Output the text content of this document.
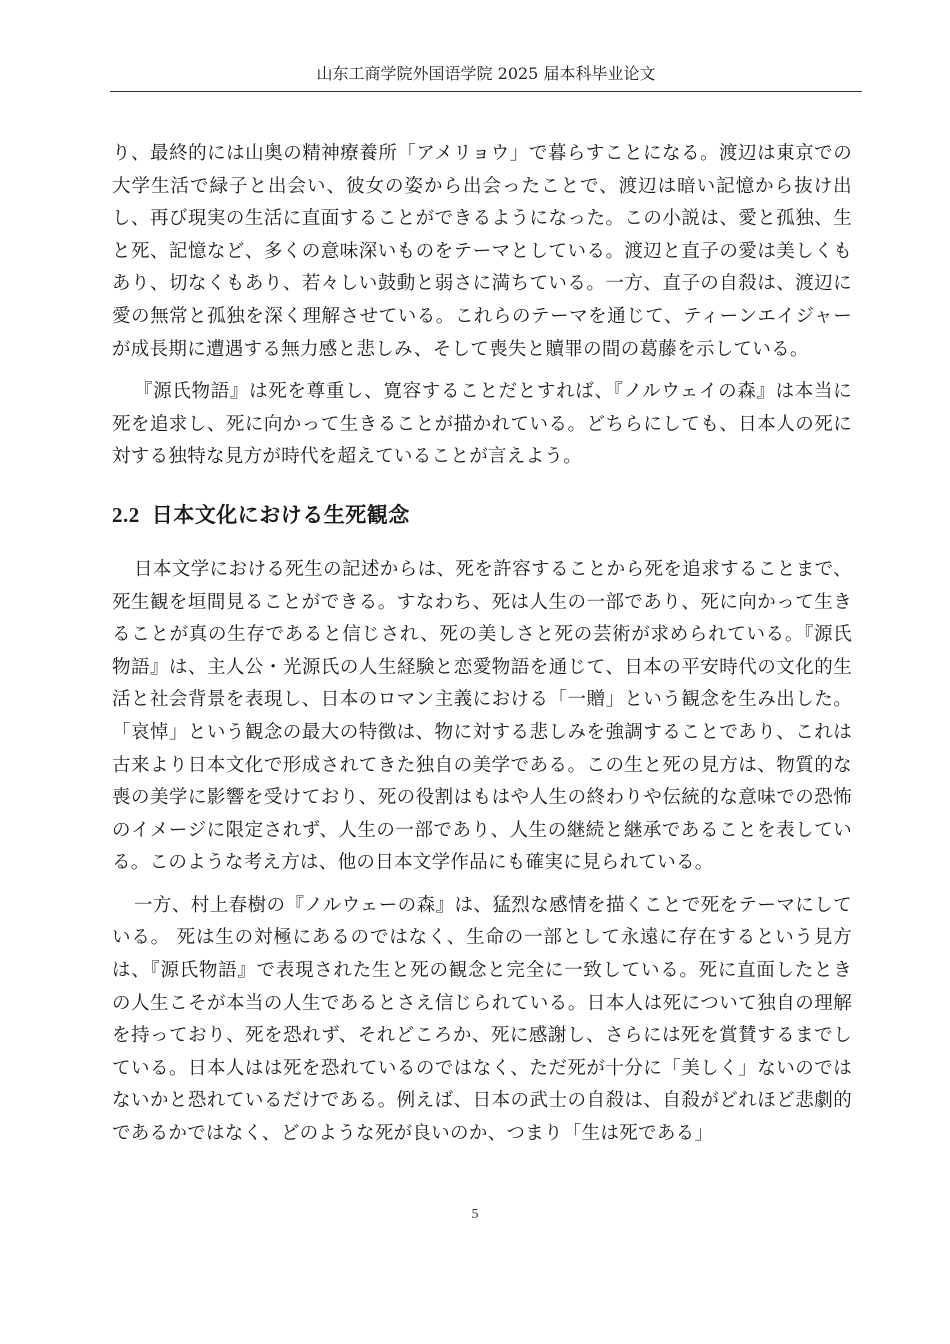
山东工商学院外国语学院 2025 届本科毕业论文

り、最終的には山奥の精神療養所「アメリョウ」で暮らすことになる。渡辺は東京での大学生活で緑子と出会い、彼女の姿から出会ったことで、渡辺は暗い記憶から抜け出し、再び現実の生活に直面することができるようになった。この小説は、愛と孤独、生と死、記憶など、多くの意味深いものをテーマとしている。渡辺と直子の愛は美しくもあり、切なくもあり、若々しい鼓動と弱さに満ちている。一方、直子の自殺は、渡辺に愛の無常と孤独を深く理解させている。これらのテーマを通じて、ティーンエイジャーが成長期に遭遇する無力感と悲しみ、そして喪失と贖罪の間の葛藤を示している。

『源氏物語』は死を尊重し、寛容することだとすれば、『ノルウェイの森』は本当に死を追求し、死に向かって生きることが描かれている。どちらにしても、日本人の死に対する独特な見方が時代を超えていることが言えよう。

2.2 日本文化における生死観念

日本文学における死生の記述からは、死を許容することから死を追求することまで、死生観を垣間見ることができる。すなわち、死は人生の一部であり、死に向かって生きることが真の生存であると信じされ、死の美しさと死の芸術が求められている。『源氏物語』は、主人公・光源氏の人生経験と恋愛物語を通じて、日本の平安時代の文化的生活と社会背景を表現し、日本のロマン主義における「一贈」という観念を生み出した。「哀悼」という観念の最大の特徴は、物に対する悲しみを強調することであり、これは古来より日本文化で形成されてきた独自の美学である。この生と死の見方は、物質的な喪の美学に影響を受けており、死の役割はもはや人生の終わりや伝統的な意味での恐怖のイメージに限定されず、人生の一部であり、人生の継続と継承であることを表している。このような考え方は、他の日本文学作品にも確実に見られている。

一方、村上春樹の『ノルウェーの森』は、猛烈な感情を描くことで死をテーマにしている。 死は生の対極にあるのではなく、生命の一部として永遠に存在するという見方は、『源氏物語』で表現された生と死の観念と完全に一致している。死に直面したときの人生こそが本当の人生であるとさえ信じられている。日本人は死について独自の理解を持っており、死を恐れず、それどころか、死に感謝し、さらには死を賞賛するまでしている。日本人はは死を恐れているのではなく、ただ死が十分に「美しく」ないのではないかと恐れているだけである。例えば、日本の武士の自殺は、自殺がどれほど悲劇的であるかではなく、どのような死が良いのか、つまり「生は死である」

5
